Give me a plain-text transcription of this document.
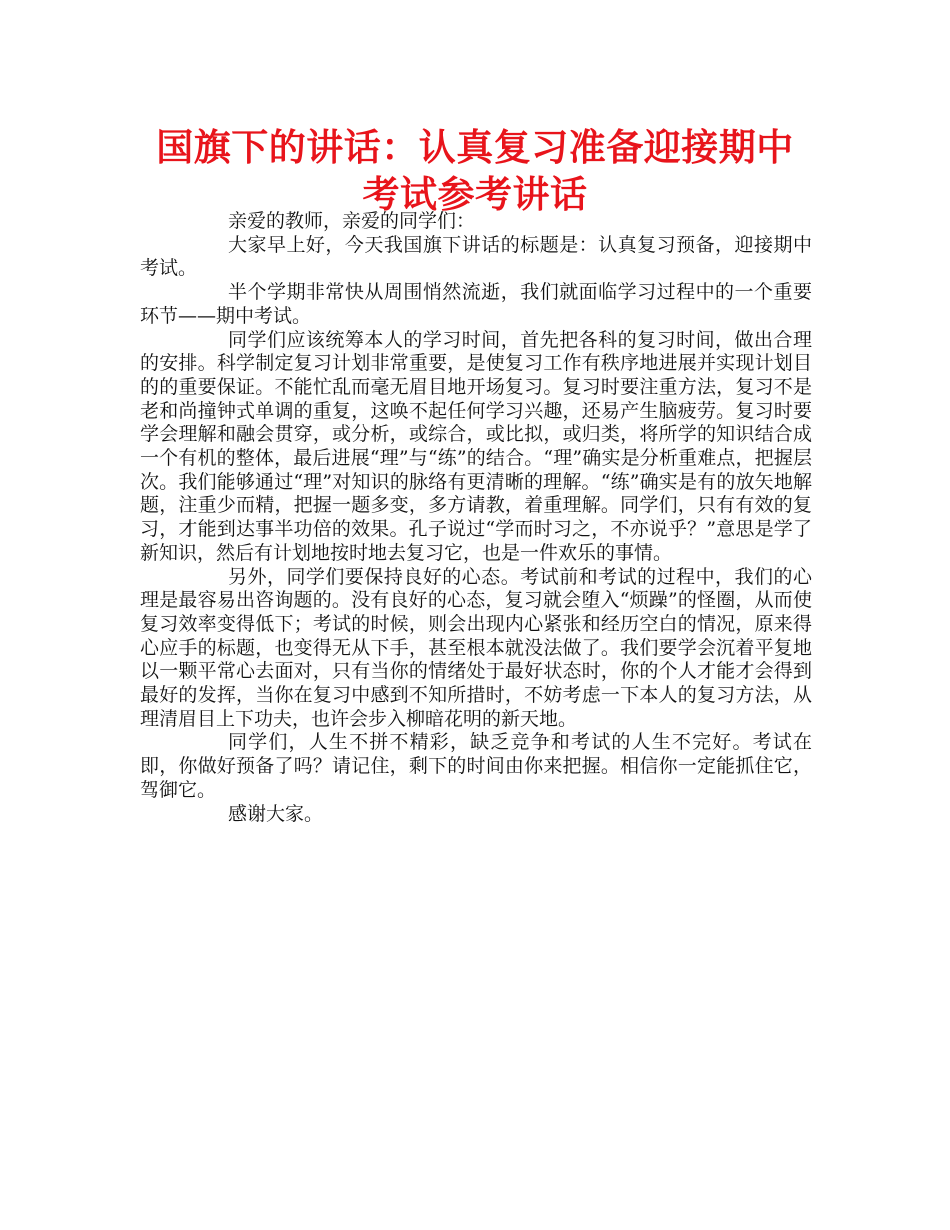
国旗下的讲话：认真复习准备迎接期中考试参考讲话

亲爱的教师，亲爱的同学们：

大家早上好，今天我国旗下讲话的标题是：认真复习预备，迎接期中考试。

半个学期非常快从周围悄然流逝，我们就面临学习过程中的一个重要环节——期中考试。

同学们应该统筹本人的学习时间，首先把各科的复习时间，做出合理的安排。科学制定复习计划非常重要，是使复习工作有秩序地进展并实现计划目的的重要保证。不能忙乱而毫无眉目地开场复习。复习时要注重方法，复习不是老和尚撞钟式单调的重复，这唤不起任何学习兴趣，还易产生脑疲劳。复习时要学会理解和融会贯穿，或分析，或综合，或比拟，或归类，将所学的知识结合成一个有机的整体，最后进展“理”与“练”的结合。“理”确实是分析重难点，把握层次。我们能够通过“理”对知识的脉络有更清晰的理解。“练”确实是有的放矢地解题，注重少而精，把握一题多变，多方请教，着重理解。同学们，只有有效的复习，才能到达事半功倍的效果。孔子说过“学而时习之，不亦说乎？”意思是学了新知识，然后有计划地按时地去复习它，也是一件欢乐的事情。

另外，同学们要保持良好的心态。考试前和考试的过程中，我们的心理是最容易出咨询题的。没有良好的心态，复习就会堕入“烦躁”的怪圈，从而使复习效率变得低下；考试的时候，则会出现内心紧张和经历空白的情况，原来得心应手的标题，也变得无从下手，甚至根本就没法做了。我们要学会沉着平复地以一颗平常心去面对，只有当你的情绪处于最好状态时，你的个人才能才会得到最好的发挥，当你在复习中感到不知所措时，不妨考虑一下本人的复习方法，从理清眉目上下功夫，也许会步入柳暗花明的新天地。

同学们，人生不拼不精彩，缺乏竞争和考试的人生不完好。考试在即，你做好预备了吗？请记住，剩下的时间由你来把握。相信你一定能抓住它，驾御它。

感谢大家。
